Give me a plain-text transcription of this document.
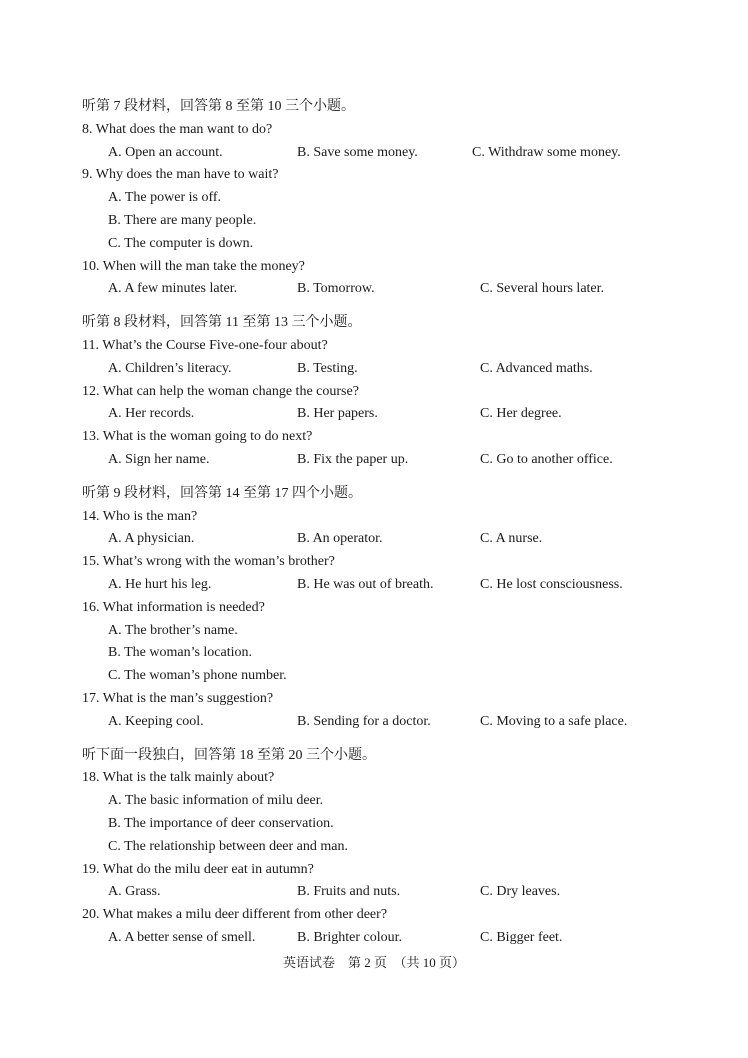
听第 7 段材料，回答第 8 至第 10 三个小题。
8. What does the man want to do?
A. Open an account.	B. Save some money.	C. Withdraw some money.
9. Why does the man have to wait?
A. The power is off.
B. There are many people.
C. The computer is down.
10. When will the man take the money?
A. A few minutes later.	B. Tomorrow.	C. Several hours later.
听第 8 段材料，回答第 11 至第 13 三个小题。
11. What’s the Course Five-one-four about?
A. Children’s literacy.	B. Testing.	C. Advanced maths.
12. What can help the woman change the course?
A. Her records.	B. Her papers.	C. Her degree.
13. What is the woman going to do next?
A. Sign her name.	B. Fix the paper up.	C. Go to another office.
听第 9 段材料，回答第 14 至第 17 四个小题。
14. Who is the man?
A. A physician.	B. An operator.	C. A nurse.
15. What’s wrong with the woman’s brother?
A. He hurt his leg.	B. He was out of breath.	C. He lost consciousness.
16. What information is needed?
A. The brother’s name.
B. The woman’s location.
C. The woman’s phone number.
17. What is the man’s suggestion?
A. Keeping cool.	B. Sending for a doctor.	C. Moving to a safe place.
听下面一段独白，回答第 18 至第 20 三个小题。
18. What is the talk mainly about?
A. The basic information of milu deer.
B. The importance of deer conservation.
C. The relationship between deer and man.
19. What do the milu deer eat in autumn?
A. Grass.	B. Fruits and nuts.	C. Dry leaves.
20. What makes a milu deer different from other deer?
A. A better sense of smell.	B. Brighter colour.	C. Bigger feet.
英语试卷　第 2 页　（共 10 页）
